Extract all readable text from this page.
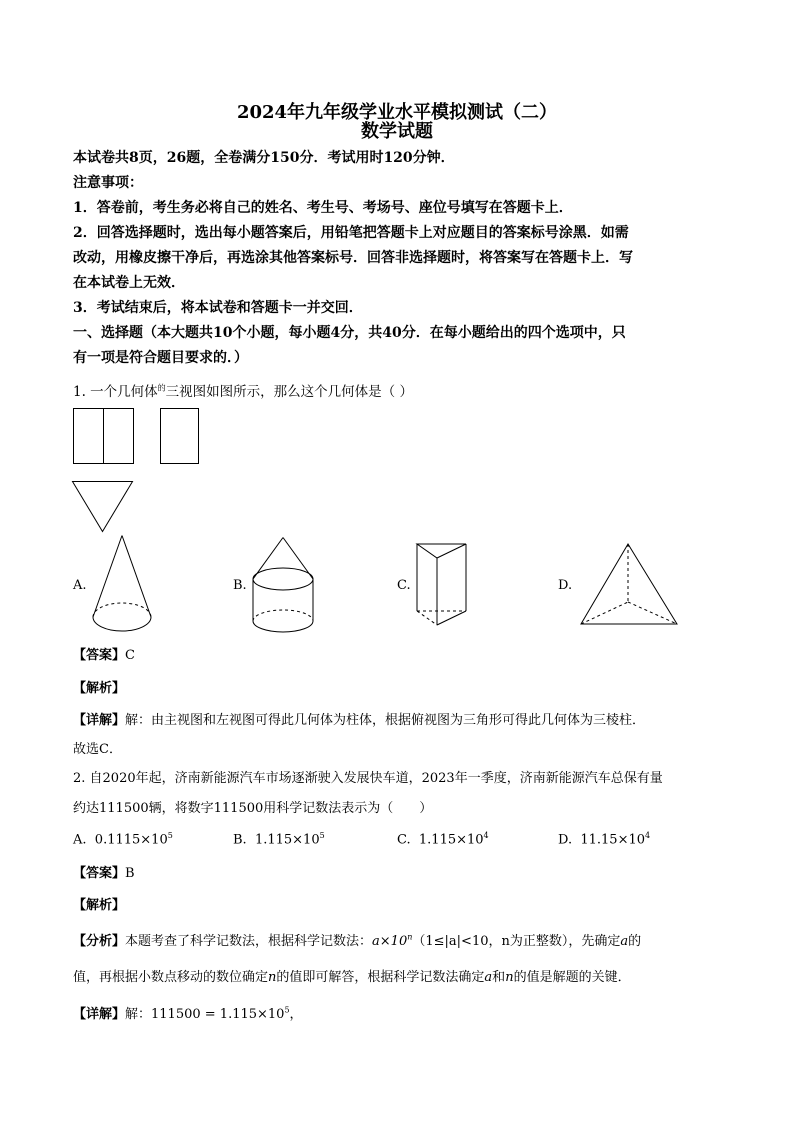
2024年九年级学业水平模拟测试（二）
数学试题
本试卷共8页，26题，全卷满分150分．考试用时120分钟．
注意事项：
1．答卷前，考生务必将自己的姓名、考生号、考场号、座位号填写在答题卡上．
2．回答选择题时，选出每小题答案后，用铅笔把答题卡上对应题目的答案标号涂黑．如需
改动，用橡皮擦干净后，再选涂其他答案标号．回答非选择题时，将答案写在答题卡上．写
在本试卷上无效．
3．考试结束后，将本试卷和答题卡一并交回．
一、选择题（本大题共10个小题，每小题4分，共40分．在每小题给出的四个选项中，只
有一项是符合题目要求的．）
1. 一个几何体$^的$三视图如图所示，那么这个几何体是（ ）
A.	B.	C.	D.
【答案】C
【解析】
【详解】解：由主视图和左视图可得此几何体为柱体，根据俯视图为三角形可得此几何体为三棱柱．
故选C．
2. 自2020年起，济南新能源汽车市场逐渐驶入发展快车道，2023年一季度，济南新能源汽车总保有量
约达111500辆，将数字111500用科学记数法表示为（　　）
A. $0.1115\times 10^5$	B. $1.115\times 10^5$	C. $1.115\times 10^4$	D. $11.15\times 10^4$
【答案】B
【解析】
【分析】本题考查了科学记数法，根据科学记数法：$a\times 10^n(1\le|a|<10$，n为正整数），先确定a的
值，再根据小数点移动的数位确定n的值即可解答，根据科学记数法确定a和n的值是解题的关键．
【详解】解：$111500 = 1.115\times 10^5$，
